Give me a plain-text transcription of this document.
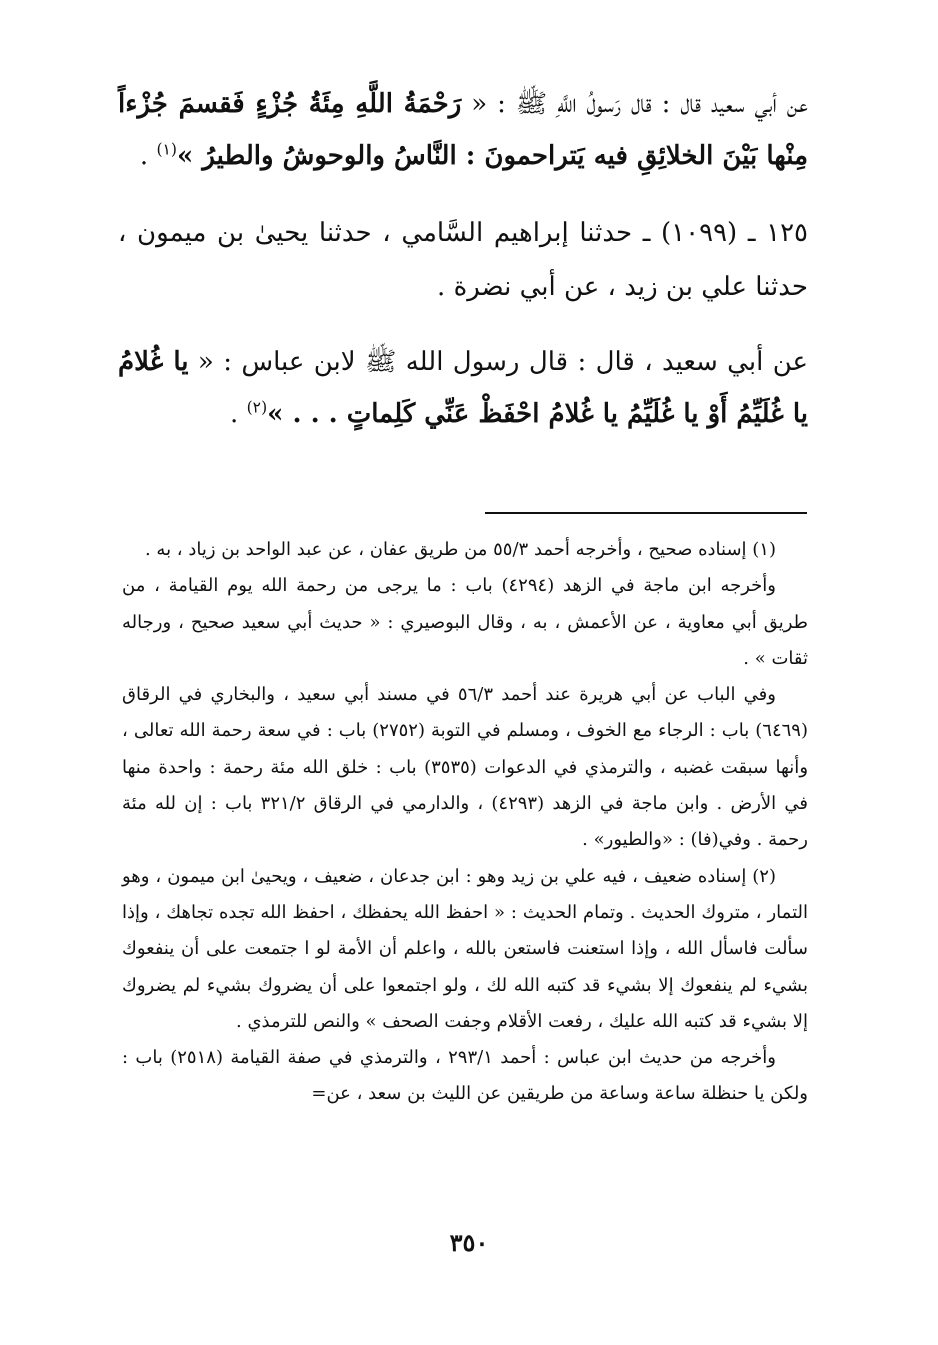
عن أبي سعيد قال : قال رَسولُ اللَّهِ ﷺ : « رَحْمَةُ اللَّهِ مِئَةُ جُزْءٍ فَقسمَ جُزْءاً مِنْها بَيْنَ الخلائِقِ فيه يَتراحمونَ : النَّاسُ والوحوشُ والطيرُ »$^{(١)}$ .
١٢٥ ـ (١٠٩٩) ـ حدثنا إبراهيم السَّامي ، حدثنا يحيىٰ بن ميمون ، حدثنا علي بن زيد ، عن أبي نضرة .
عن أبي سعيد ، قال : قال رسول الله ﷺ لابن عباس : « يا غُلامُ يا غُلَيِّمُ أَوْ يا غُلَيِّمُ يا غُلامُ احْفَظْ عَنِّي كَلِماتٍ . . . »$^{(٢)}$ .
(١) إسناده صحيح ، وأخرجه أحمد ٥٥/٣ من طريق عفان ، عن عبد الواحد بن زياد ، به .
وأخرجه ابن ماجة في الزهد (٤٢٩٤) باب : ما يرجى من رحمة الله يوم القيامة ، من طريق أبي معاوية ، عن الأعمش ، به ، وقال البوصيري : « حديث أبي سعيد صحيح ، ورجاله ثقات » .
وفي الباب عن أبي هريرة عند أحمد ٥٦/٣ في مسند أبي سعيد ، والبخاري في الرقاق (٦٤٦٩) باب : الرجاء مع الخوف ، ومسلم في التوبة (٢٧٥٢) باب : في سعة رحمة الله تعالى ، وأنها سبقت غضبه ، والترمذي في الدعوات (٣٥٣٥) باب : خلق الله مئة رحمة : واحدة منها في الأرض . وابن ماجة في الزهد (٤٢٩٣) ، والدارمي في الرقاق ٣٢١/٢ باب : إن لله مئة رحمة . وفي(فا) : «والطيور» .
(٢) إسناده ضعيف ، فيه علي بن زيد وهو : ابن جدعان ، ضعيف ، ويحيىٰ ابن ميمون ، وهو التمار ، متروك الحديث . وتمام الحديث : « احفظ الله يحفظك ، احفظ الله تجده تجاهك ، وإذا سألت فاسأل الله ، وإذا استعنت فاستعن بالله ، واعلم أن الأمة لو ا جتمعت على أن ينفعوك بشيء لم ينفعوك إلا بشيء قد كتبه الله لك ، ولو اجتمعوا على أن يضروك بشيء لم يضروك إلا بشيء قد كتبه الله عليك ، رفعت الأقلام وجفت الصحف » والنص للترمذي .
وأخرجه من حديث ابن عباس : أحمد ٢٩٣/١ ، والترمذي في صفة القيامة (٢٥١٨) باب : ولكن يا حنظلة ساعة وساعة من طريقين عن الليث بن سعد ، عن=
٣٥٠
